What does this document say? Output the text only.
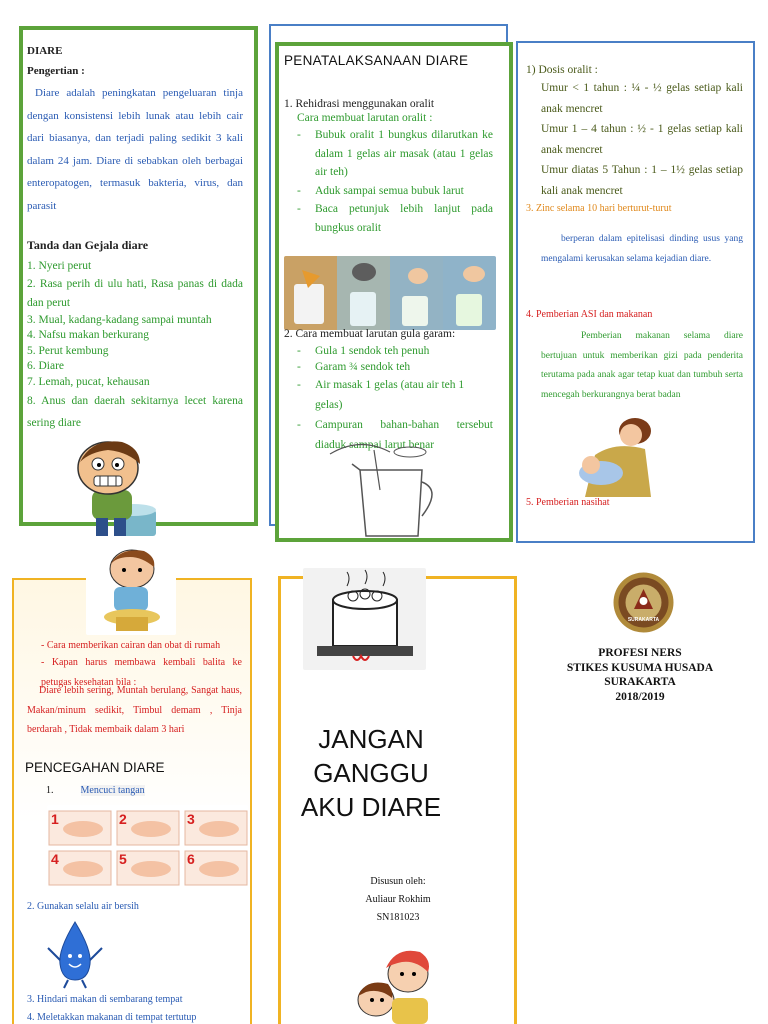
DIARE
Pengertian :

Diare adalah peningkatan pengeluaran tinja dengan konsistensi lebih lunak atau lebih cair dari biasanya, dan terjadi paling sedikit 3 kali dalam 24 jam. Diare di sebabkan oleh berbagai enteropatogen, termasuk bakteria, virus, dan parasit

Tanda dan Gejala diare
1. Nyeri perut
2. Rasa perih di ulu hati, Rasa panas di dada dan perut
3. Mual, kadang-kadang sampai muntah
4. Nafsu makan berkurang
5. Perut kembung
6. Diare
7. Lemah, pucat, kehausan
8. Anus dan daerah sekitarnya lecet karena sering diare
PENATALAKSANAAN DIARE
1. Rehidrasi menggunakan oralit
Cara membuat larutan oralit :
-	Bubuk oralit 1 bungkus dilarutkan ke dalam 1 gelas air masak (atau 1 gelas air teh)
-	Aduk sampai semua bubuk larut
-	Baca petunjuk lebih lanjut pada bungkus oralit
2. Cara membuat larutan gula garam:
-	Gula 1 sendok teh penuh
-	Garam ¾ sendok teh
-	Air masak 1 gelas (atau air teh 1 gelas)
-	Campuran bahan-bahan tersebut diaduk sampai larut benar
1) Dosis oralit :

Umur < 1 tahun : ¼ - ½ gelas setiap kali anak mencret

Umur 1 – 4 tahun : ½ - 1 gelas setiap kali anak mencret

Umur diatas 5 Tahun : 1 – 1½ gelas setiap kali anak mencret

3. Zinc selama 10 hari berturut-turut

berperan dalam epitelisasi dinding usus yang mengalami kerusakan selama kejadian diare.

4. Pemberian ASI dan makanan

Pemberian makanan selama diare bertujuan untuk memberikan gizi pada penderita terutama pada anak agar tetap kuat dan tumbuh serta mencegah berkurangnya berat badan

5. Pemberian nasihat

- Cara memberikan cairan dan obat di rumah

- Kapan harus membawa kembali balita ke petugas kesehatan bila :

Diare lebih sering, Muntah berulang, Sangat haus, Makan/minum sedikit, Timbul demam , Tinja berdarah , Tidak membaik dalam 3 hari

PENCEGAHAN DIARE
1.	Mencuci tangan
1	2	3
4	5	6
2. Gunakan selalu air bersih
3. Hindari makan di sembarang tempat
4. Meletakkan makanan di tempat tertutup
JANGAN GANGGU AKU DIARE
Disusun oleh:
Auliaur Rokhim
SN181023
SURAKARTA
PROFESI NERS
STIKES KUSUMA HUSADA
SURAKARTA
2018/2019
